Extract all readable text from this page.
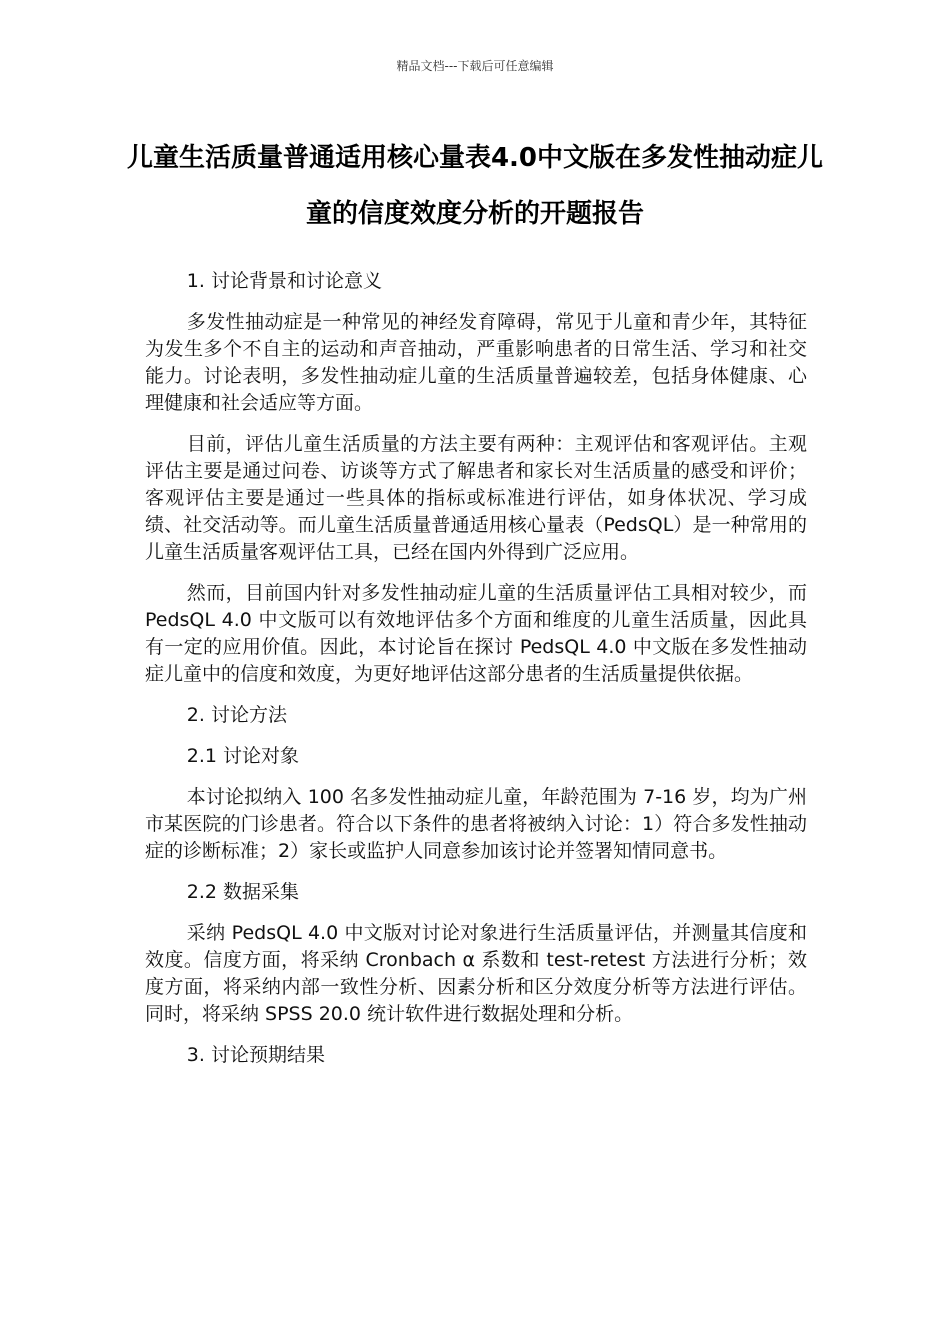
精品文档---下载后可任意编辑
儿童生活质量普通适用核心量表4.0中文版在多发性抽动症儿童的信度效度分析的开题报告

1. 讨论背景和讨论意义

多发性抽动症是一种常见的神经发育障碍，常见于儿童和青少年，其特征为发生多个不自主的运动和声音抽动，严重影响患者的日常生活、学习和社交能力。讨论表明，多发性抽动症儿童的生活质量普遍较差，包括身体健康、心理健康和社会适应等方面。

目前，评估儿童生活质量的方法主要有两种：主观评估和客观评估。主观评估主要是通过问卷、访谈等方式了解患者和家长对生活质量的感受和评价；客观评估主要是通过一些具体的指标或标准进行评估，如身体状况、学习成绩、社交活动等。而儿童生活质量普通适用核心量表（PedsQL）是一种常用的儿童生活质量客观评估工具，已经在国内外得到广泛应用。

然而，目前国内针对多发性抽动症儿童的生活质量评估工具相对较少，而 PedsQL 4.0 中文版可以有效地评估多个方面和维度的儿童生活质量，因此具有一定的应用价值。因此，本讨论旨在探讨 PedsQL 4.0 中文版在多发性抽动症儿童中的信度和效度，为更好地评估这部分患者的生活质量提供依据。

2. 讨论方法

2.1 讨论对象

本讨论拟纳入 100 名多发性抽动症儿童，年龄范围为 7-16 岁，均为广州市某医院的门诊患者。符合以下条件的患者将被纳入讨论：1）符合多发性抽动症的诊断标准；2）家长或监护人同意参加该讨论并签署知情同意书。

2.2 数据采集

采纳 PedsQL 4.0 中文版对讨论对象进行生活质量评估，并测量其信度和效度。信度方面，将采纳 Cronbach α 系数和 test-retest 方法进行分析；效度方面，将采纳内部一致性分析、因素分析和区分效度分析等方法进行评估。同时，将采纳 SPSS 20.0 统计软件进行数据处理和分析。

3. 讨论预期结果
